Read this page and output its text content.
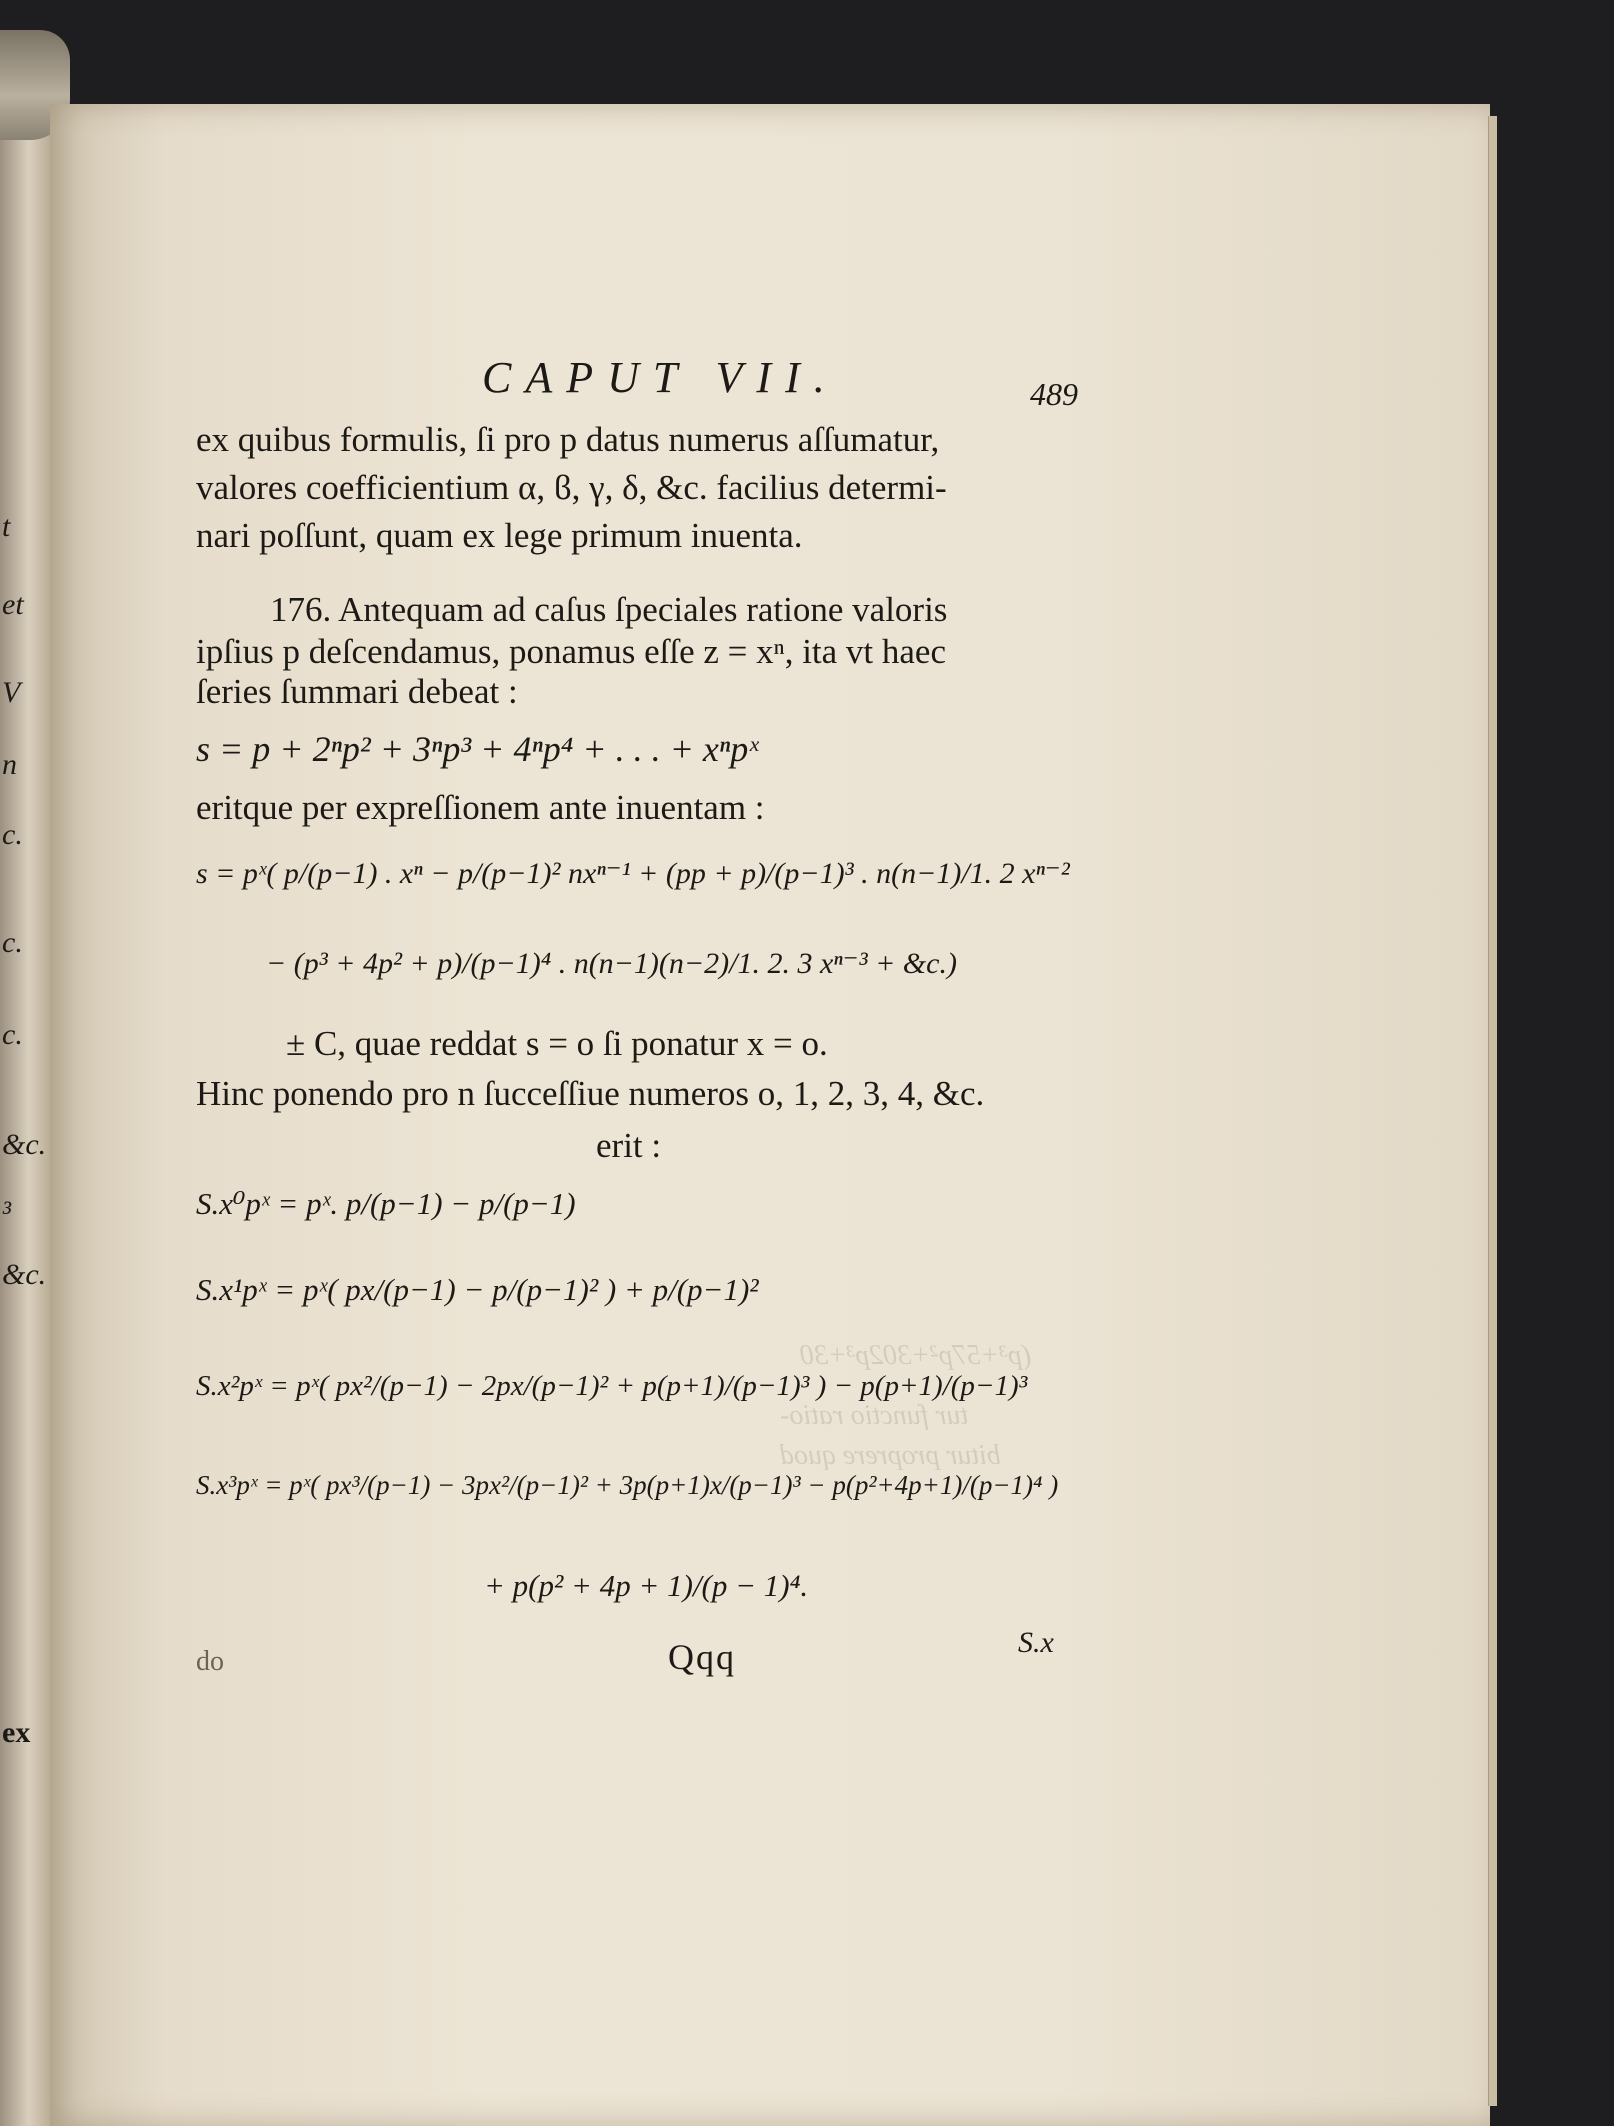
(p³+57p²+302p³+30
tur functio ratio-
bitur proprere quod
t
et
V
n
c.
c.
c.
&c.
³
&c.
ex
CAPUT VII.	489
ex quibus formulis, ſi pro p datus numerus aſſumatur,
valores coefficientium α, ϐ, γ, δ, &c. facilius determi-
nari poſſunt, quam ex lege primum inuenta.
176. Antequam ad caſus ſpeciales ratione valoris
ipſius p deſcendamus, ponamus eſſe z = xⁿ, ita vt haec
ſeries ſummari debeat :
s = p + 2ⁿp² + 3ⁿp³ + 4ⁿp⁴ + . . . + xⁿpˣ
eritque per expreſſionem ante inuentam :
s = pˣ( p/(p−1) . xⁿ − p/(p−1)² nxⁿ⁻¹ + (pp + p)/(p−1)³ . n(n−1)/1. 2 xⁿ⁻²
− (p³ + 4p² + p)/(p−1)⁴ . n(n−1)(n−2)/1. 2. 3 xⁿ⁻³ + &c.)
± C, quae reddat s = o ſi ponatur x = o.
Hinc ponendo pro n ſucceſſiue numeros o, 1, 2, 3, 4, &c.
erit :
S.x⁰pˣ = pˣ. p/(p−1) − p/(p−1)
S.x¹pˣ = pˣ( px/(p−1) − p/(p−1)² ) + p/(p−1)²
S.x²pˣ = pˣ( px²/(p−1) − 2px/(p−1)² + p(p+1)/(p−1)³ ) − p(p+1)/(p−1)³
S.x³pˣ = pˣ( px³/(p−1) − 3px²/(p−1)² + 3p(p+1)x/(p−1)³ − p(p²+4p+1)/(p−1)⁴ )
+ p(p² + 4p + 1)/(p − 1)⁴.
do	Qqq	S.x
